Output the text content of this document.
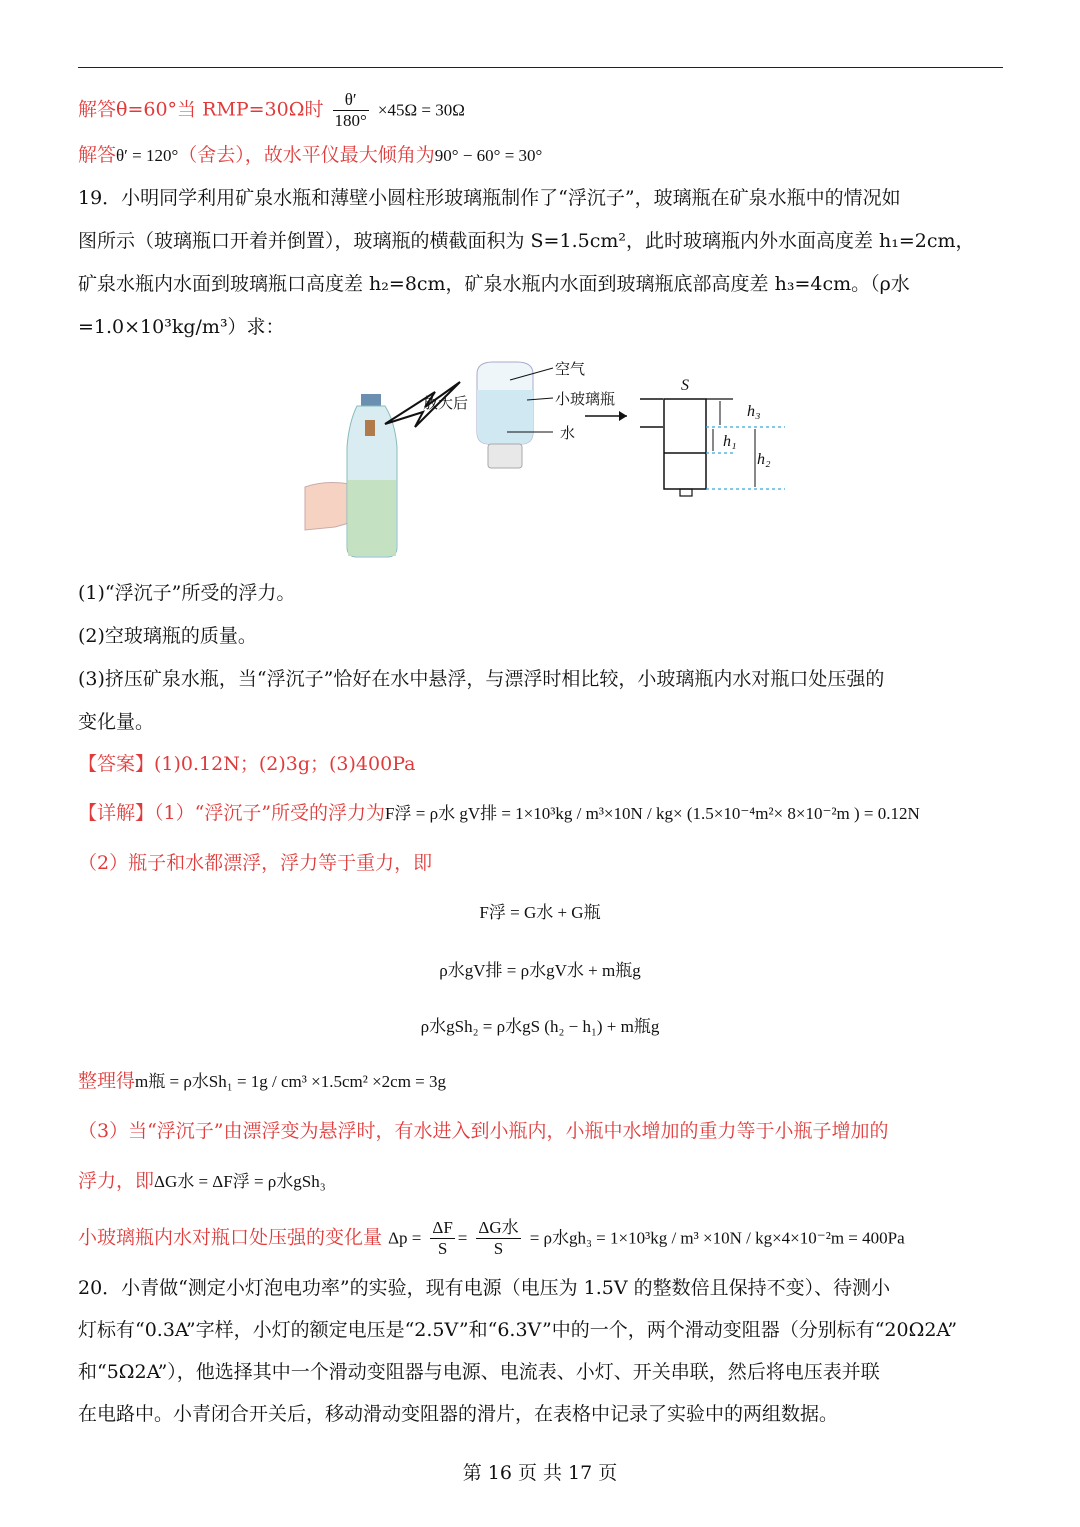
解答θ=60°当 RMP=30Ω时 $\frac{\theta'}{180^\circ} \times 45\Omega = 30\Omega$
解答θ′ = 120°（舍去），故水平仪最大倾角为90° − 60° = 30°
19．小明同学利用矿泉水瓶和薄壁小圆柱形玻璃瓶制作了“浮沉子”，玻璃瓶在矿泉水瓶中的情况如
图所示（玻璃瓶口开着并倒置），玻璃瓶的横截面积为 S=1.5cm²，此时玻璃瓶内外水面高度差 h₁=2cm，
矿泉水瓶内水面到玻璃瓶口高度差 h₂=8cm，矿泉水瓶内水面到玻璃瓶底部高度差 h₃=4cm。（ρ水
=1.0×10³kg/m³）求：
放大后
空气
小玻璃瓶
水
S
h₃
h₁
h₂
(1)“浮沉子”所受的浮力。
(2)空玻璃瓶的质量。
(3)挤压矿泉水瓶，当“浮沉子”恰好在水中悬浮，与漂浮时相比较，小玻璃瓶内水对瓶口处压强的
变化量。
【答案】(1)0.12N；(2)3g；(3)400Pa
【详解】（1）“浮沉子”所受的浮力为F浮 = ρ水 gV排 = 1×10³kg / m³×10N / kg× (1.5×10⁻⁴m²× 8×10⁻²m ) = 0.12N
（2）瓶子和水都漂浮，浮力等于重力，即
F浮 = G水 + G瓶
ρ水gV排 = ρ水gV水 + m瓶g
ρ水gSh₂ = ρ水gS (h₂ − h₁) + m瓶g
整理得m瓶 = ρ水Sh₁ = 1g / cm³ ×1.5cm² ×2cm = 3g
（3）当“浮沉子”由漂浮变为悬浮时，有水进入到小瓶内，小瓶中水增加的重力等于小瓶子增加的
浮力，即ΔG水 = ΔF浮 = ρ水gSh₃
小玻璃瓶内水对瓶口处压强的变化量 $\Delta p = \frac{\Delta F}{S} = \frac{\text{ΔG水}}{S} = \rho$水gh₃ = 1×10³kg / m³ ×10N / kg×4×10⁻²m = 400Pa
20．小青做“测定小灯泡电功率”的实验，现有电源（电压为 1.5V 的整数倍且保持不变）、待测小
灯标有“0.3A”字样，小灯的额定电压是“2.5V”和“6.3V”中的一个，两个滑动变阻器（分别标有“20Ω2A”
和“5Ω2A”），他选择其中一个滑动变阻器与电源、电流表、小灯、开关串联，然后将电压表并联
在电路中。小青闭合开关后，移动滑动变阻器的滑片，在表格中记录了实验中的两组数据。
第 16 页 共 17 页
